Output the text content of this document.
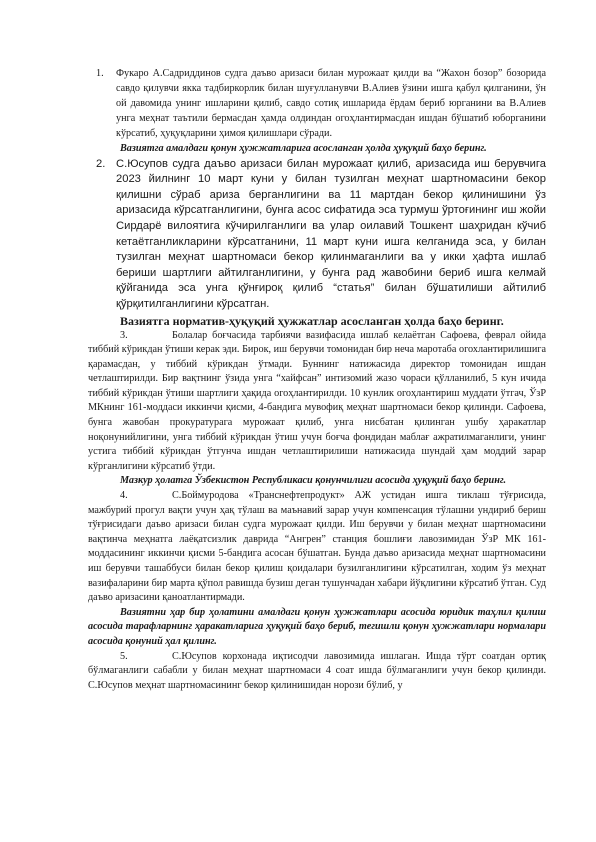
1.	Фукаро А.Садриддинов судга даъво аризаси билан мурожаат қилди ва “Жахон бозор” бозорида савдо қилувчи якка тадбиркорлик билан шуғулланувчи В.Алиев ўзини ишга қабул қилганини, ўн ой давомида унинг ишларини қилиб, савдо сотиқ ишларида ёрдам бериб юрганини ва В.Алиев унга меҳнат таътили бермасдан ҳамда олдиндан огоҳлантирмасдан ишдан бўшатиб юборганини кўрсатиб, ҳуқуқларини ҳимоя қилишлари сўради.

Вазиятга амалдаги қонун ҳужжатларига асосланган ҳолда ҳуқуқий баҳо беринг.

2. С.Юсупов судга даъво аризаси билан мурожаат қилиб, аризасида иш берувчига 2023 йилнинг 10 март куни у билан тузилган меҳнат шартномасини бекор қилишни сўраб ариза берганлигини ва 11 мартдан бекор қилинишини ўз аризасида кўрсатганлигини, бунга асос сифатида эса турмуш ўртоғининг иш жойи Сирдарё вилоятига кўчирилганлиги ва улар оилавий Тошкент шаҳридан кўчиб кетаётганликларини кўрсатганини, 11 март куни ишга келганида эса, у билан тузилган меҳнат шартномаси бекор қилинмаганлиги ва у икки ҳафта ишлаб бериши шартлиги айтилганлигини, у бунга рад жавобини бериб ишга келмай қўйганида эса унга қўнғироқ қилиб “статья” билан бўшатилиши айтилиб қўрқитилганлигини кўрсатган.

Вазиятга норматив-ҳуқуқий ҳужжатлар асосланган ҳолда баҳо беринг.

3.	Болалар боғчасида тарбиячи вазифасида ишлаб келаётган Сафоева, феврал ойида тиббий кўрикдан ўтиши керак эди. Бирок, иш берувчи томонидан бир неча маротаба огохлантирилишига қарамасдан, у тиббий кўрикдан ўтмади. Буннинг натижасида директор томонидан ишдан четлаштирилди. Бир вақтнинг ўзида унга “хайфсан” интизомий жазо чораси қўлланилиб, 5 кун ичида тиббий кўрикдан ўтиши шартлиги ҳақида огоҳлантирилди. 10 кунлик огоҳлантириш муддати ўтгач, ЎзР МКнинг 161-моддаси иккинчи қисми, 4-бандига мувофиқ меҳнат шартномаси бекор қилинди. Сафоева, бунга жавобан прокуратурага мурожаат қилиб, унга нисбатан қилинган ушбу ҳаракатлар ноқонунийлигини, унга тиббий кўрикдан ўтиш учун боғча фондидан маблағ ажратилмаганлиги, унинг устига тиббий кўрикдан ўтгунча ишдан четлаштирилиши натижасида шундай ҳам моддий зарар кўрганлигини кўрсатиб ўтди.

Мазкур ҳолатга Ўзбекистон Республикаси қонунчилиги асосида ҳуқуқий баҳо беринг.

4.	С.Боймуродова «Транснефтепродукт» АЖ устидан ишга тиклаш тўғрисида, мажбурий прогул вақти учун ҳақ тўлаш ва маънавий зарар учун компенсация тўлашни ундириб бериш тўғрисидаги даъво аризаси билан судга мурожаат қилди. Иш берувчи у билан меҳнат шартномасини вақтинча меҳнатга лаёқатсизлик даврида “Ангрен” станция бошлиғи лавозимидан ЎзР МК 161-моддасининг иккинчи қисми 5-бандига асосан бўшатган. Бунда даъво аризасида меҳнат шартномасини иш берувчи ташаббуси билан бекор қилиш қоидалари бузилганлигини кўрсатилган, ходим ўз меҳнат вазифаларини бир марта қўпол равишда бузиш деган тушунчадан хабари йўқлигини кўрсатиб ўтган. Суд даъво аризасини қаноатлантирмади.

Вазиятни ҳар бир ҳолатини амалдаги қонун ҳужжатлари асосида юридик таҳлил қилиш асосида тарафларнинг ҳаракатларига ҳуқуқий баҳо бериб, тегишли қонун ҳужжатлари нормалари асосида қонуний ҳал қилинг.

5.	С.Юсупов корхонада иқтисодчи лавозимида ишлаган. Ишда тўрт соатдан ортиқ бўлмаганлиги сабабли у билан меҳнат шартномаси 4 соат ишда бўлмаганлиги учун бекор қилинди. С.Юсупов меҳнат шартномасининг бекор қилинишидан норози бўлиб, у
